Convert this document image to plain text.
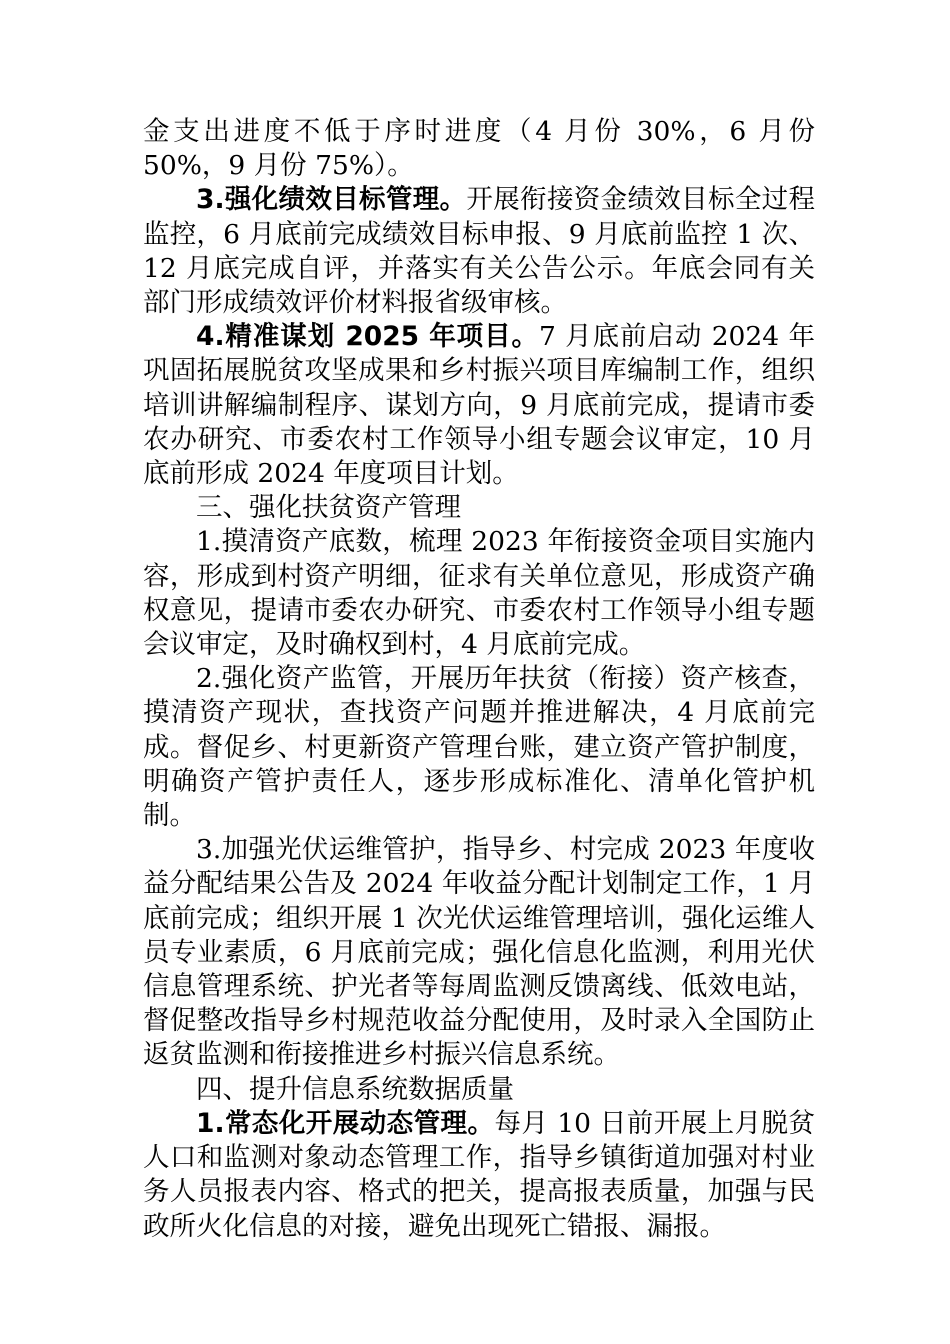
金支出进度不低于序时进度（4 月份 30%，6 月份 50%，9 月份 75%）。

3.强化绩效目标管理。开展衔接资金绩效目标全过程监控，6 月底前完成绩效目标申报、9 月底前监控 1 次、12 月底完成自评，并落实有关公告公示。年底会同有关部门形成绩效评价材料报省级审核。

4.精准谋划 2025 年项目。7 月底前启动 2024 年巩固拓展脱贫攻坚成果和乡村振兴项目库编制工作，组织培训讲解编制程序、谋划方向，9 月底前完成，提请市委农办研究、市委农村工作领导小组专题会议审定，10 月底前形成 2024 年度项目计划。

三、强化扶贫资产管理

1.摸清资产底数，梳理 2023 年衔接资金项目实施内容，形成到村资产明细，征求有关单位意见，形成资产确权意见，提请市委农办研究、市委农村工作领导小组专题会议审定，及时确权到村，4 月底前完成。

2.强化资产监管，开展历年扶贫（衔接）资产核查，摸清资产现状，查找资产问题并推进解决，4 月底前完成。督促乡、村更新资产管理台账，建立资产管护制度，明确资产管护责任人，逐步形成标准化、清单化管护机制。

3.加强光伏运维管护，指导乡、村完成 2023 年度收益分配结果公告及 2024 年收益分配计划制定工作，1 月底前完成；组织开展 1 次光伏运维管理培训，强化运维人员专业素质，6 月底前完成；强化信息化监测，利用光伏信息管理系统、护光者等每周监测反馈离线、低效电站，督促整改指导乡村规范收益分配使用，及时录入全国防止返贫监测和衔接推进乡村振兴信息系统。

四、提升信息系统数据质量

1.常态化开展动态管理。每月 10 日前开展上月脱贫人口和监测对象动态管理工作，指导乡镇街道加强对村业务人员报表内容、格式的把关，提高报表质量，加强与民政所火化信息的对接，避免出现死亡错报、漏报。
